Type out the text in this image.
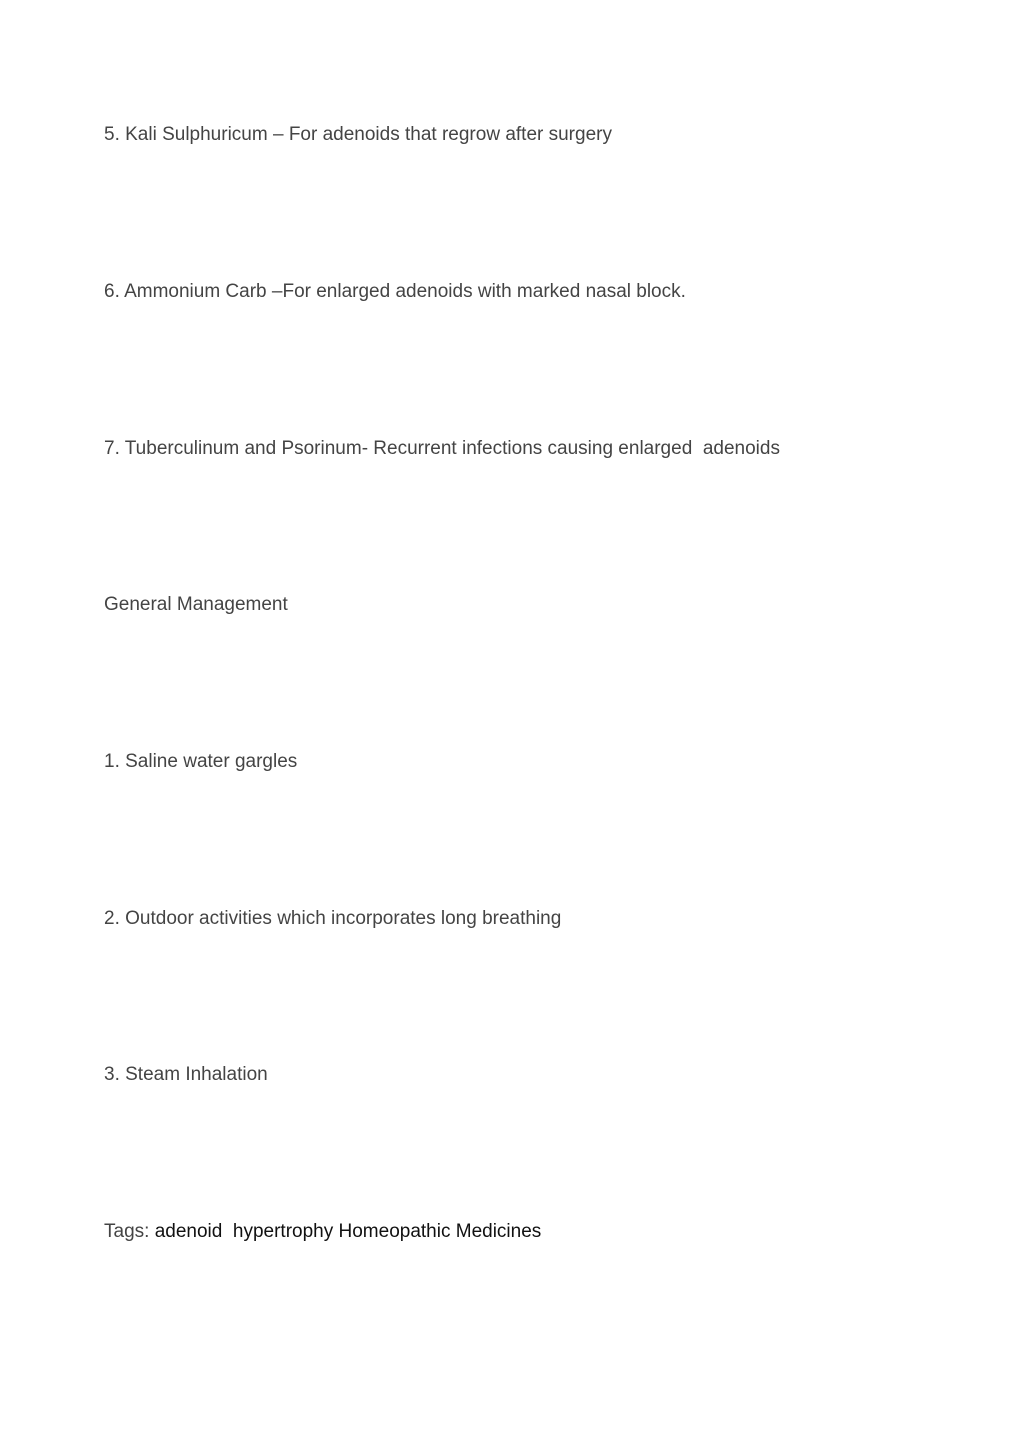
5. Kali Sulphuricum – For adenoids that regrow after surgery

6. Ammonium Carb –For enlarged adenoids with marked nasal block.

7. Tuberculinum and Psorinum- Recurrent infections causing enlarged  adenoids

General Management

1. Saline water gargles

2. Outdoor activities which incorporates long breathing

3. Steam Inhalation

Tags: adenoid hypertrophy Homeopathic Medicines
